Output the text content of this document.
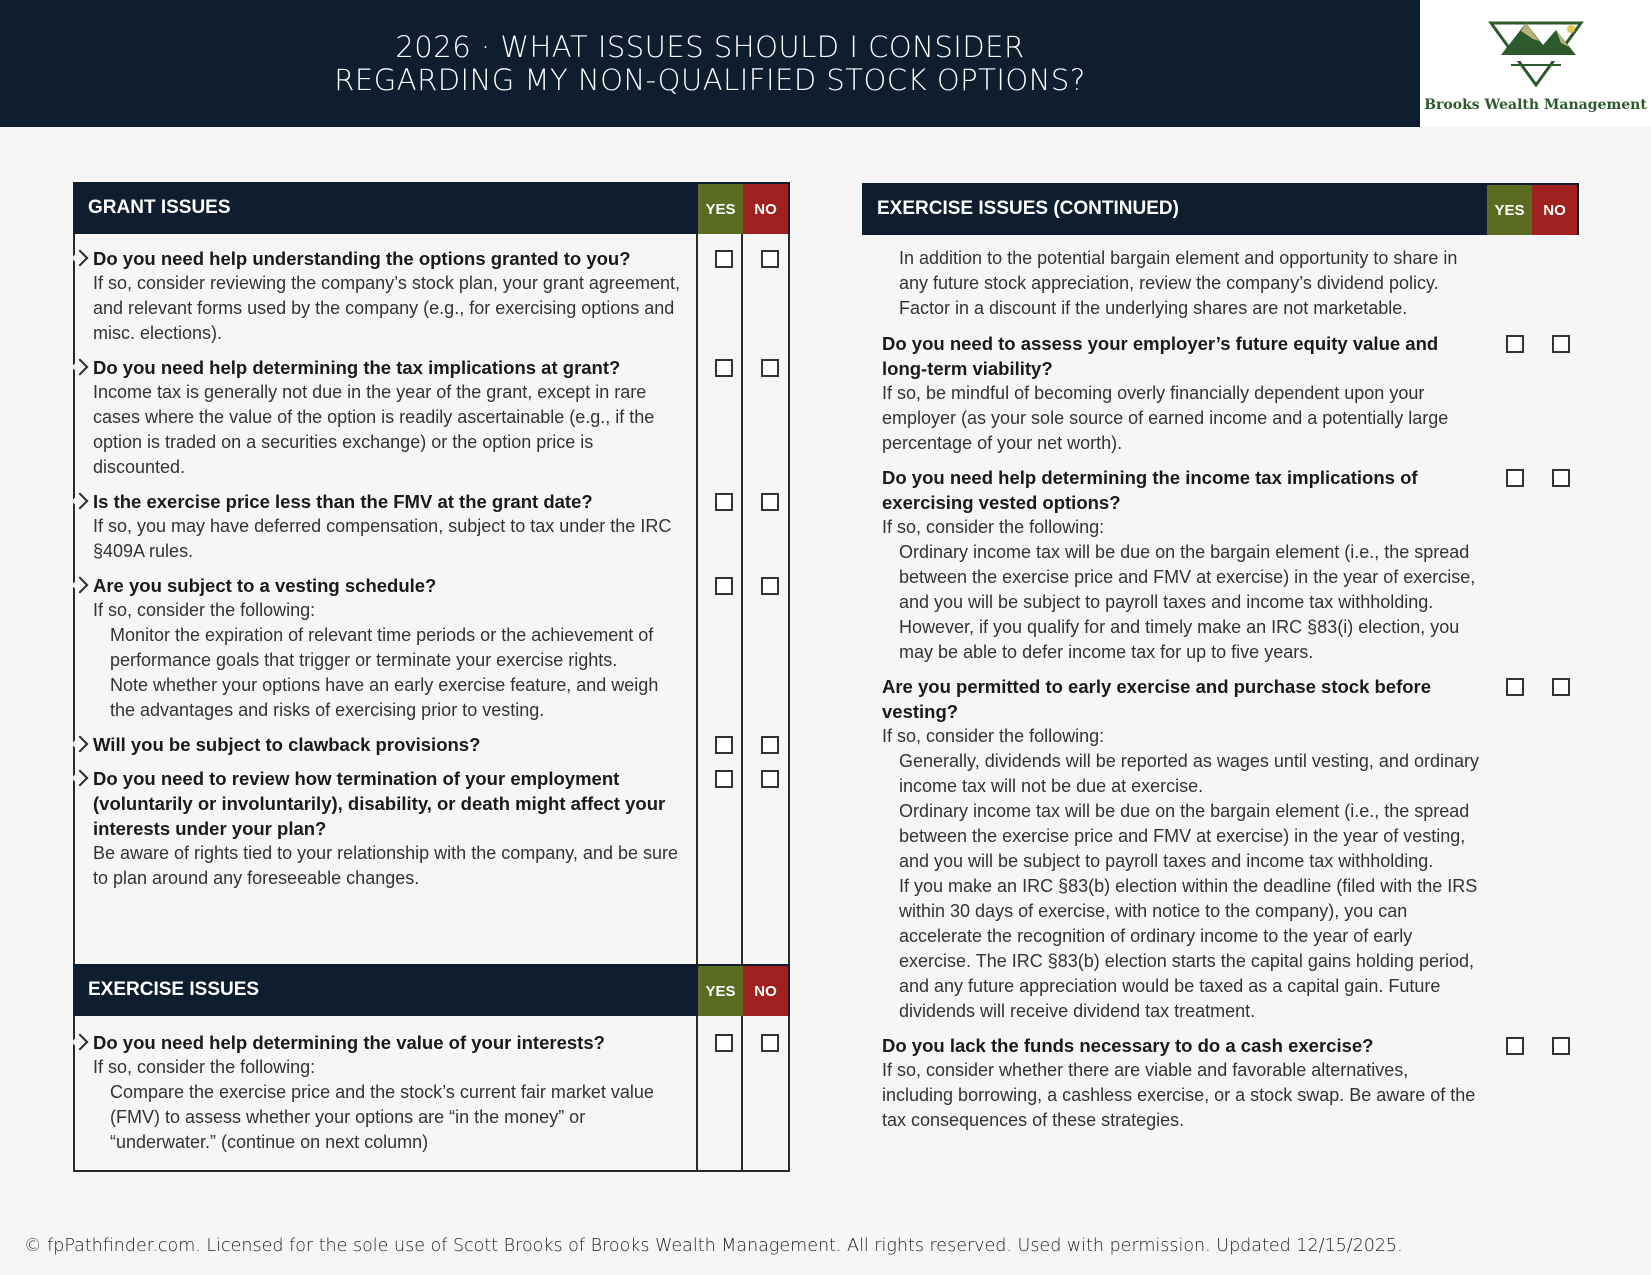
2026 · WHAT ISSUES SHOULD I CONSIDER
REGARDING MY NON-QUALIFIED STOCK OPTIONS?
Brooks Wealth Management
GRANT ISSUES	YES	NO
Do you need help understanding the options granted to you?
If so, consider reviewing the company’s stock plan, your grant agreement, and relevant forms used by the company (e.g., for exercising options and misc. elections).
Do you need help determining the tax implications at grant?
Income tax is generally not due in the year of the grant, except in rare cases where the value of the option is readily ascertainable (e.g., if the option is traded on a securities exchange) or the option price is discounted.
Is the exercise price less than the FMV at the grant date?
If so, you may have deferred compensation, subject to tax under the IRC §409A rules.
Are you subject to a vesting schedule?
If so, consider the following:
Monitor the expiration of relevant time periods or the achievement of performance goals that trigger or terminate your exercise rights.
Note whether your options have an early exercise feature, and weigh the advantages and risks of exercising prior to vesting.
Will you be subject to clawback provisions?
Do you need to review how termination of your employment (voluntarily or involuntarily), disability, or death might affect your interests under your plan?
Be aware of rights tied to your relationship with the company, and be sure to plan around any foreseeable changes.
EXERCISE ISSUES	YES	NO
Do you need help determining the value of your interests?
If so, consider the following:
Compare the exercise price and the stock’s current fair market value (FMV) to assess whether your options are “in the money” or “underwater.” (continue on next column)
EXERCISE ISSUES (CONTINUED)	YES	NO
In addition to the potential bargain element and opportunity to share in any future stock appreciation, review the company’s dividend policy.
Factor in a discount if the underlying shares are not marketable.
Do you need to assess your employer’s future equity value and long-term viability?
If so, be mindful of becoming overly financially dependent upon your employer (as your sole source of earned income and a potentially large percentage of your net worth).
Do you need help determining the income tax implications of exercising vested options?
If so, consider the following:
Ordinary income tax will be due on the bargain element (i.e., the spread between the exercise price and FMV at exercise) in the year of exercise, and you will be subject to payroll taxes and income tax withholding.
However, if you qualify for and timely make an IRC §83(i) election, you may be able to defer income tax for up to five years.
Are you permitted to early exercise and purchase stock before vesting?
If so, consider the following:
Generally, dividends will be reported as wages until vesting, and ordinary income tax will not be due at exercise.
Ordinary income tax will be due on the bargain element (i.e., the spread between the exercise price and FMV at exercise) in the year of vesting, and you will be subject to payroll taxes and income tax withholding.
If you make an IRC §83(b) election within the deadline (filed with the IRS within 30 days of exercise, with notice to the company), you can accelerate the recognition of ordinary income to the year of early exercise. The IRC §83(b) election starts the capital gains holding period, and any future appreciation would be taxed as a capital gain. Future dividends will receive dividend tax treatment.
Do you lack the funds necessary to do a cash exercise?
If so, consider whether there are viable and favorable alternatives, including borrowing, a cashless exercise, or a stock swap. Be aware of the tax consequences of these strategies.
© fpPathfinder.com. Licensed for the sole use of Scott Brooks of Brooks Wealth Management. All rights reserved. Used with permission. Updated 12/15/2025.
